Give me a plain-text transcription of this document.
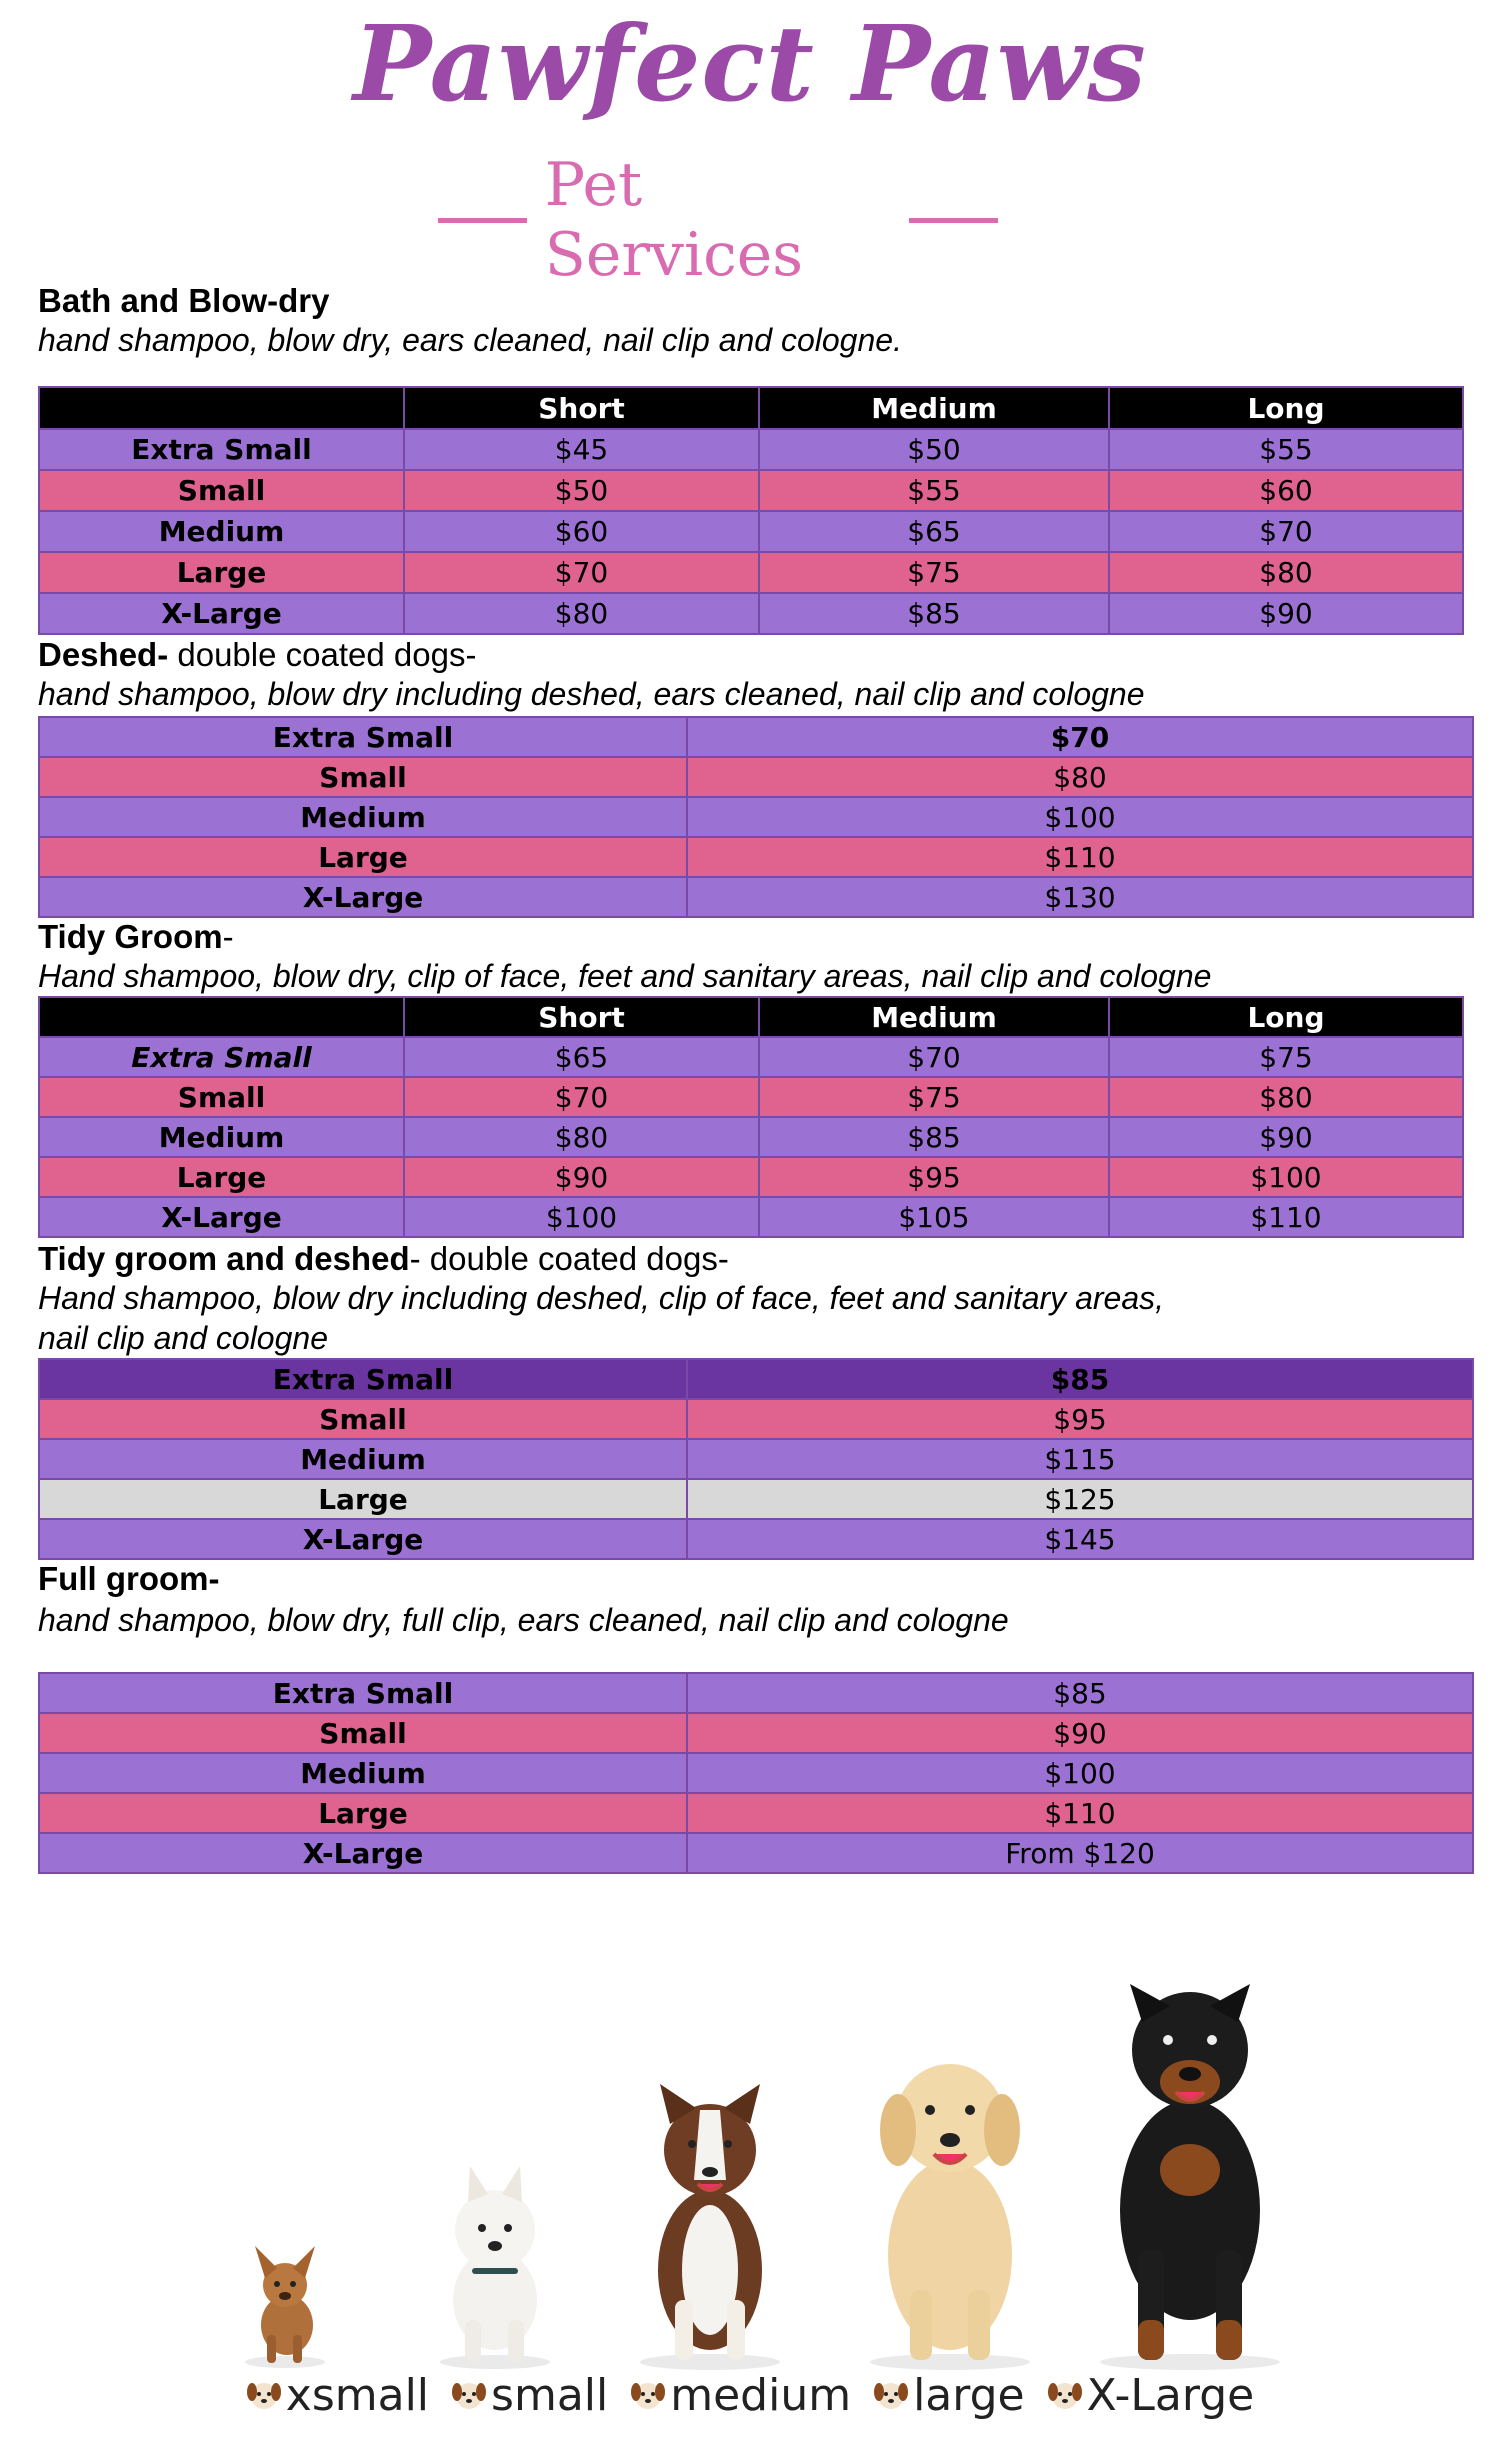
Pawfect Paws
Pet Services
Bath and Blow-dry
hand shampoo, blow dry, ears cleaned, nail clip and cologne.
	Short	Medium	Long
Extra Small	$45	$50	$55
Small	$50	$55	$60
Medium	$60	$65	$70
Large	$70	$75	$80
X-Large	$80	$85	$90
Deshed- double coated dogs-
hand shampoo, blow dry including deshed, ears cleaned, nail clip and cologne
Extra Small	$70
Small	$80
Medium	$100
Large	$110
X-Large	$130
Tidy Groom-
Hand shampoo, blow dry, clip of face, feet and sanitary areas, nail clip and cologne
	Short	Medium	Long
Extra Small	$65	$70	$75
Small	$70	$75	$80
Medium	$80	$85	$90
Large	$90	$95	$100
X-Large	$100	$105	$110
Tidy groom and deshed- double coated dogs-
Hand shampoo, blow dry including deshed, clip of face, feet and sanitary areas,
nail clip and cologne
Extra Small	$85
Small	$95
Medium	$115
Large	$125
X-Large	$145
Full groom-
hand shampoo, blow dry, full clip, ears cleaned, nail clip and cologne
Extra Small	$85
Small	$90
Medium	$100
Large	$110
X-Large	From $120
xsmall small medium large X-Large
